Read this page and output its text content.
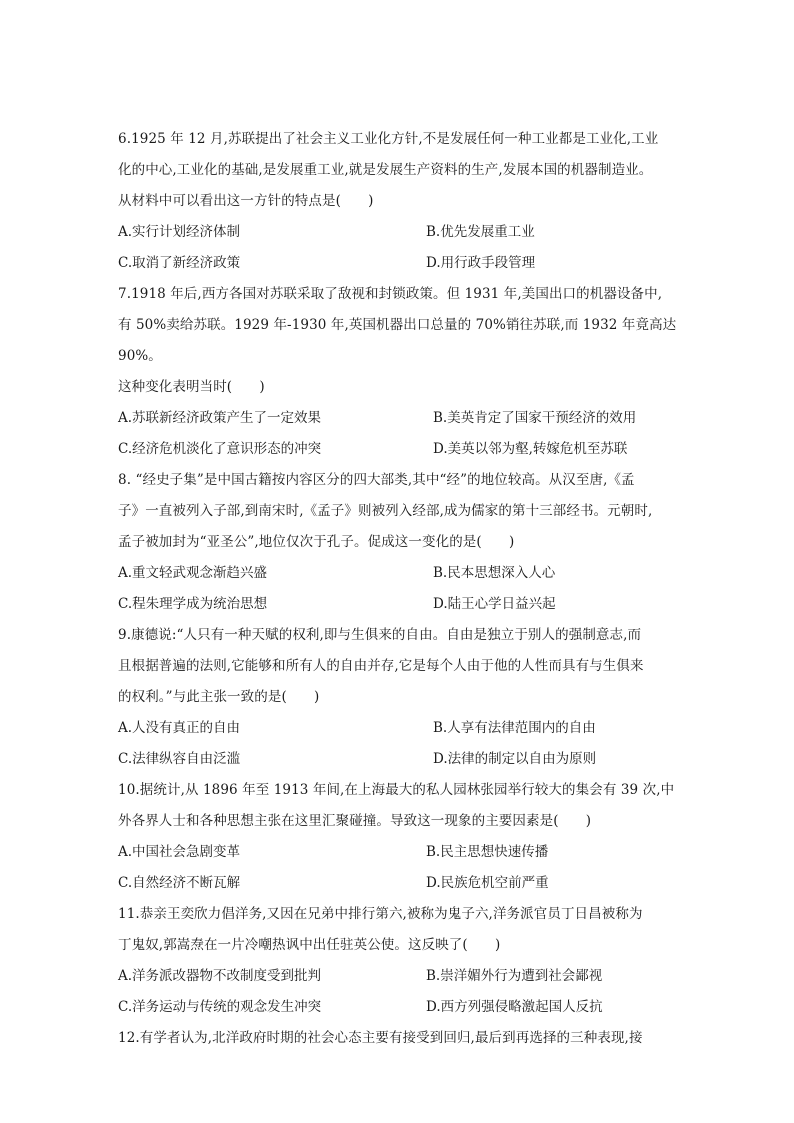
6.1925 年 12 月,苏联提出了社会主义工业化方针,不是发展任何一种工业都是工业化,工业
化的中心,工业化的基础,是发展重工业,就是发展生产资料的生产,发展本国的机器制造业。
从材料中可以看出这一方针的特点是(　　)
A.实行计划经济体制	B.优先发展重工业
C.取消了新经济政策	D.用行政手段管理
7.1918 年后,西方各国对苏联采取了敌视和封锁政策。但 1931 年,美国出口的机器设备中,
有 50%卖给苏联。1929 年-1930 年,英国机器出口总量的 70%销往苏联,而 1932 年竟高达
90%。
这种变化表明当时(　　)
A.苏联新经济政策产生了一定效果	B.美英肯定了国家干预经济的效用
C.经济危机淡化了意识形态的冲突	D.美英以邻为壑,转嫁危机至苏联
8. “经史子集”是中国古籍按内容区分的四大部类,其中“经”的地位较高。从汉至唐,《孟
子》一直被列入子部,到南宋时,《孟子》则被列入经部,成为儒家的第十三部经书。元朝时,
孟子被加封为“亚圣公”,地位仅次于孔子。促成这一变化的是(　　)
A.重文轻武观念渐趋兴盛	B.民本思想深入人心
C.程朱理学成为统治思想	D.陆王心学日益兴起
9.康德说:“人只有一种天赋的权利,即与生俱来的自由。自由是独立于别人的强制意志,而
且根据普遍的法则,它能够和所有人的自由并存,它是每个人由于他的人性而具有与生俱来
的权利。”与此主张一致的是(　　)
A.人没有真正的自由	B.人享有法律范围内的自由
C.法律纵容自由泛滥	D.法律的制定以自由为原则
10.据统计,从 1896 年至 1913 年间,在上海最大的私人园林张园举行较大的集会有 39 次,中
外各界人士和各种思想主张在这里汇聚碰撞。导致这一现象的主要因素是(　　)
A.中国社会急剧变革	B.民主思想快速传播
C.自然经济不断瓦解	D.民族危机空前严重
11.恭亲王奕欣力倡洋务,又因在兄弟中排行第六,被称为鬼子六,洋务派官员丁日昌被称为
丁鬼奴,郭嵩焘在一片冷嘲热讽中出任驻英公使。这反映了(　　)
A.洋务派改器物不改制度受到批判	B.崇洋媚外行为遭到社会鄙视
C.洋务运动与传统的观念发生冲突	D.西方列强侵略激起国人反抗
12.有学者认为,北洋政府时期的社会心态主要有接受到回归,最后到再选择的三种表现,接
